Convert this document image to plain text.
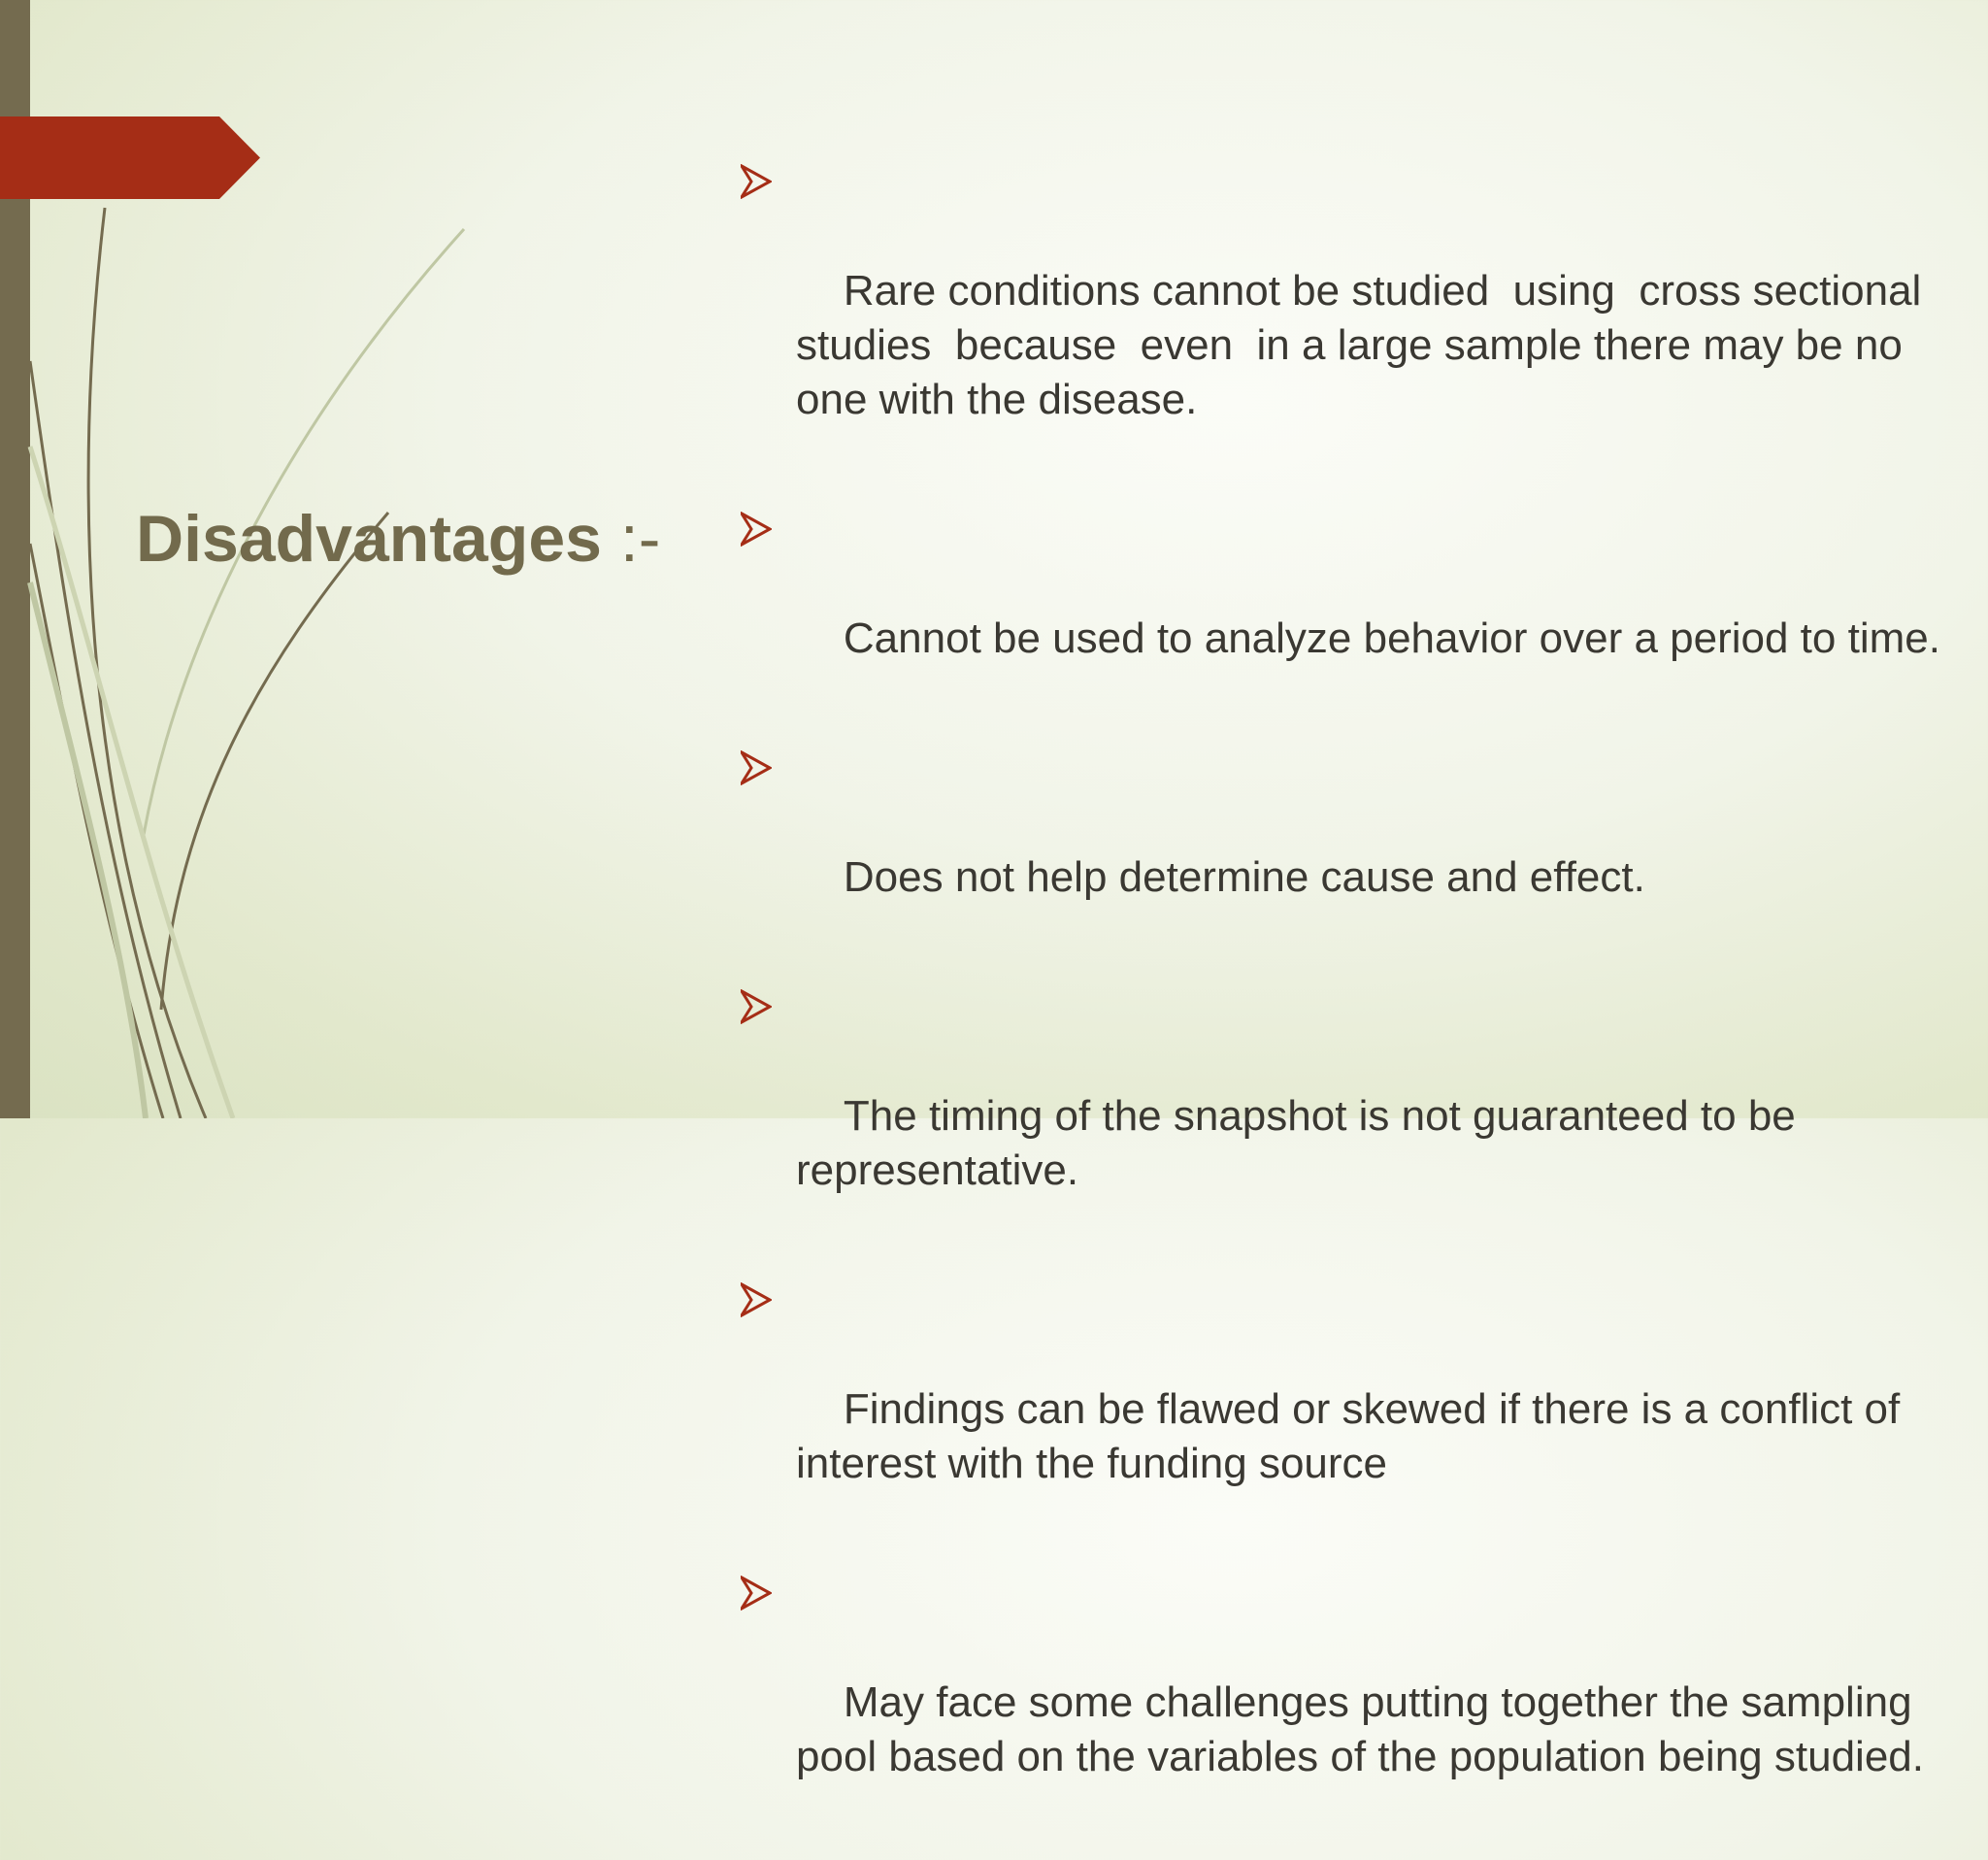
Disadvantages :-

Rare conditions cannot be studied  using  cross sectional  studies  because  even  in a large sample there may be no one with the disease.

Cannot be used to analyze behavior over a period to time.

Does not help determine cause and effect.

The timing of the snapshot is not guaranteed to be representative.

Findings can be flawed or skewed if there is a conflict of interest with the funding source

May face some challenges putting together the sampling pool based on the variables of the population being studied.
